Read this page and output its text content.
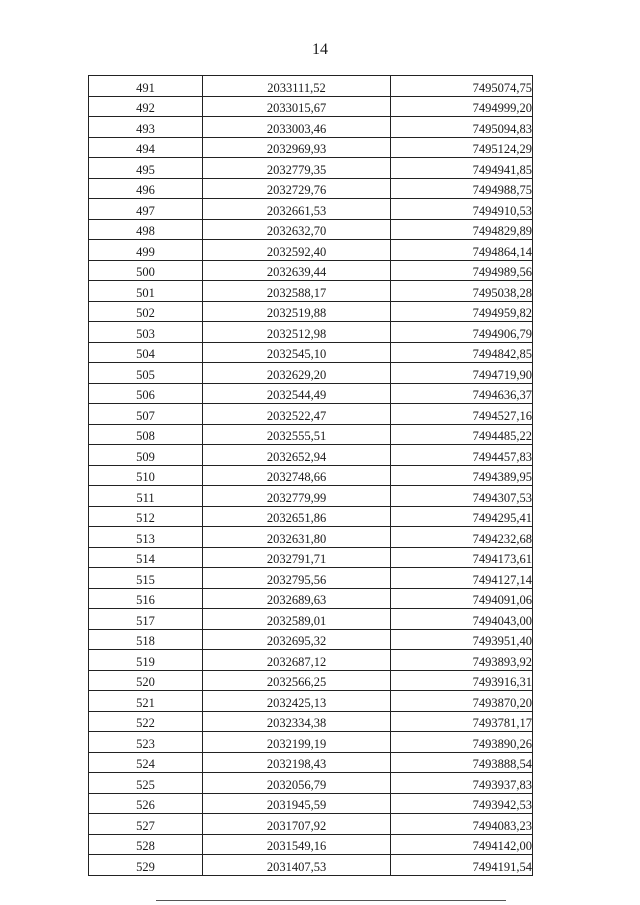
14
491	2033111,52	7495074,75
492	2033015,67	7494999,20
493	2033003,46	7495094,83
494	2032969,93	7495124,29
495	2032779,35	7494941,85
496	2032729,76	7494988,75
497	2032661,53	7494910,53
498	2032632,70	7494829,89
499	2032592,40	7494864,14
500	2032639,44	7494989,56
501	2032588,17	7495038,28
502	2032519,88	7494959,82
503	2032512,98	7494906,79
504	2032545,10	7494842,85
505	2032629,20	7494719,90
506	2032544,49	7494636,37
507	2032522,47	7494527,16
508	2032555,51	7494485,22
509	2032652,94	7494457,83
510	2032748,66	7494389,95
511	2032779,99	7494307,53
512	2032651,86	7494295,41
513	2032631,80	7494232,68
514	2032791,71	7494173,61
515	2032795,56	7494127,14
516	2032689,63	7494091,06
517	2032589,01	7494043,00
518	2032695,32	7493951,40
519	2032687,12	7493893,92
520	2032566,25	7493916,31
521	2032425,13	7493870,20
522	2032334,38	7493781,17
523	2032199,19	7493890,26
524	2032198,43	7493888,54
525	2032056,79	7493937,83
526	2031945,59	7493942,53
527	2031707,92	7494083,23
528	2031549,16	7494142,00
529	2031407,53	7494191,54
